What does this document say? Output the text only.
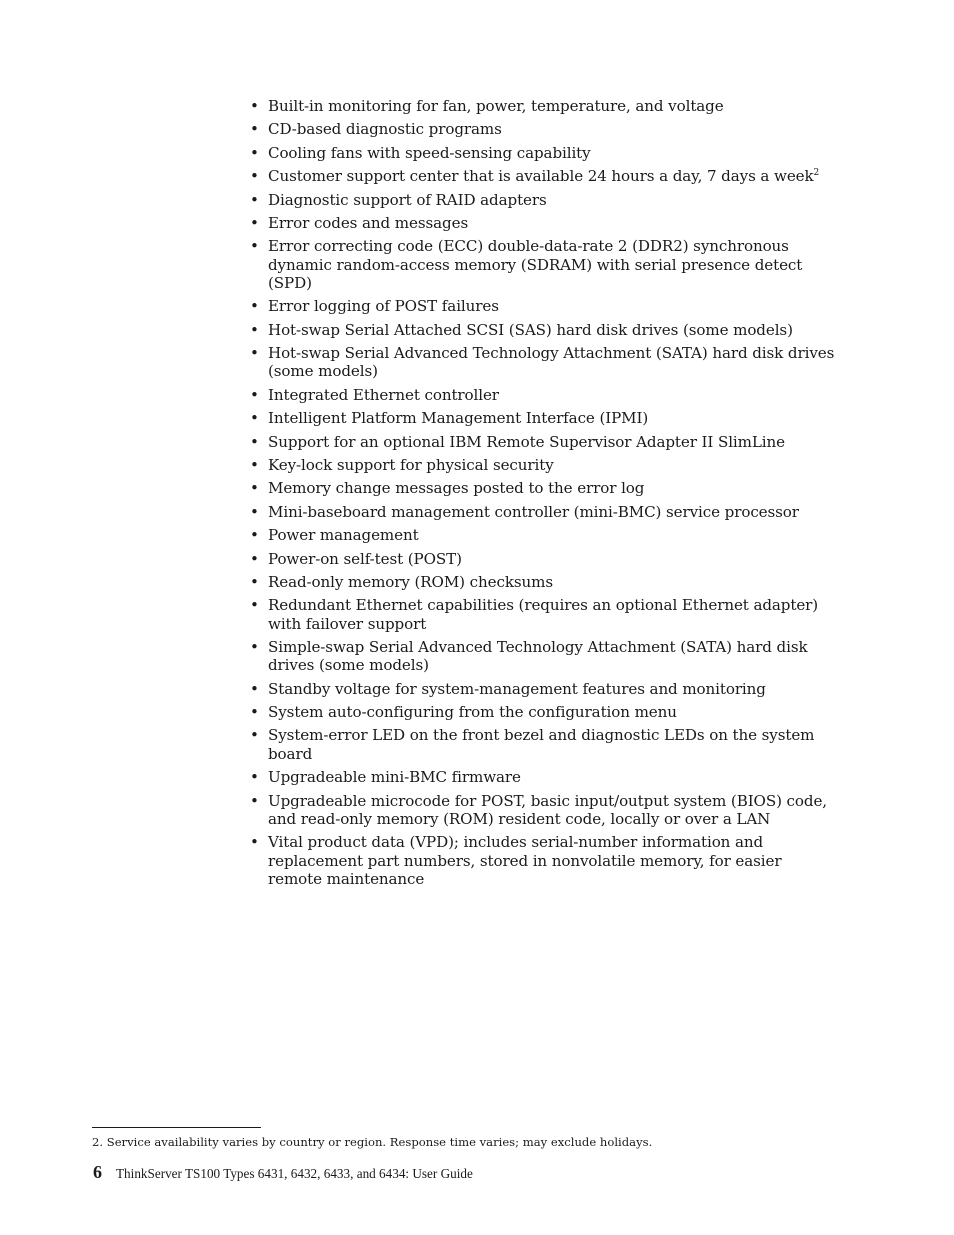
• Built-in monitoring for fan, power, temperature, and voltage
• CD-based diagnostic programs
• Cooling fans with speed-sensing capability
• Customer support center that is available 24 hours a day, 7 days a week$^2$
• Diagnostic support of RAID adapters
• Error codes and messages
• Error correcting code (ECC) double-data-rate 2 (DDR2) synchronous dynamic random-access memory (SDRAM) with serial presence detect (SPD)
• Error logging of POST failures
• Hot-swap Serial Attached SCSI (SAS) hard disk drives (some models)
• Hot-swap Serial Advanced Technology Attachment (SATA) hard disk drives (some models)
• Integrated Ethernet controller
• Intelligent Platform Management Interface (IPMI)
• Support for an optional IBM Remote Supervisor Adapter II SlimLine
• Key-lock support for physical security
• Memory change messages posted to the error log
• Mini-baseboard management controller (mini-BMC) service processor
• Power management
• Power-on self-test (POST)
• Read-only memory (ROM) checksums
• Redundant Ethernet capabilities (requires an optional Ethernet adapter) with failover support
• Simple-swap Serial Advanced Technology Attachment (SATA) hard disk drives (some models)
• Standby voltage for system-management features and monitoring
• System auto-configuring from the configuration menu
• System-error LED on the front bezel and diagnostic LEDs on the system board
• Upgradeable mini-BMC firmware
• Upgradeable microcode for POST, basic input/output system (BIOS) code, and read-only memory (ROM) resident code, locally or over a LAN
• Vital product data (VPD); includes serial-number information and replacement part numbers, stored in nonvolatile memory, for easier remote maintenance
2. Service availability varies by country or region. Response time varies; may exclude holidays.
6 ThinkServer TS100 Types 6431, 6432, 6433, and 6434: User Guide
